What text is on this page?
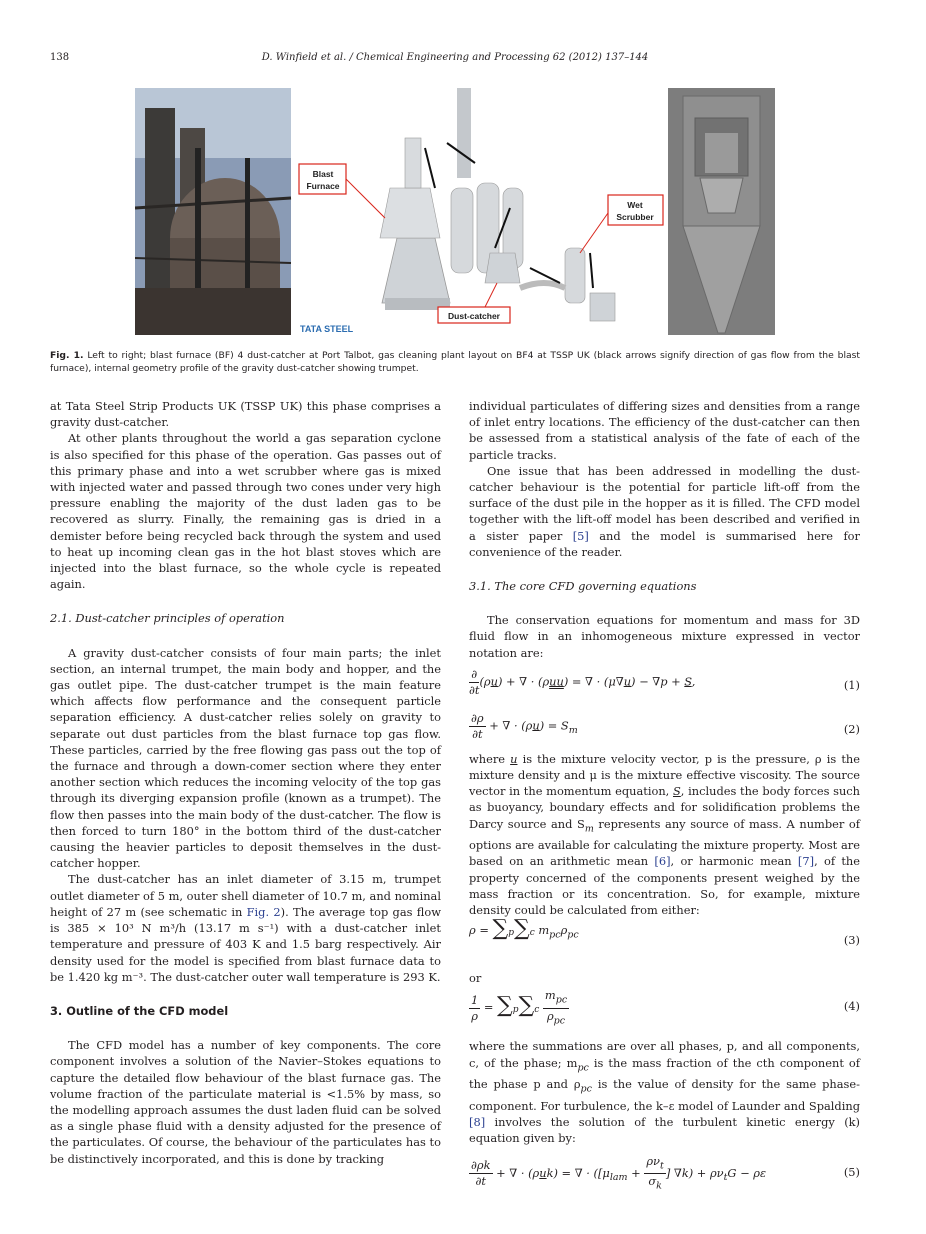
138	D. Winfield et al. / Chemical Engineering and Processing 62 (2012) 137–144
Blast
Furnace
Wet
Scrubber
Dust-catcher
TATA STEEL
Fig. 1. Left to right; blast furnace (BF) 4 dust-catcher at Port Talbot, gas cleaning plant layout on BF4 at TSSP UK (black arrows signify direction of gas flow from the blast furnace), internal geometry profile of the gravity dust-catcher showing trumpet.

at Tata Steel Strip Products UK (TSSP UK) this phase comprises a gravity dust-catcher.

At other plants throughout the world a gas separation cyclone is also specified for this phase of the operation. Gas passes out of this primary phase and into a wet scrubber where gas is mixed with injected water and passed through two cones under very high pressure enabling the majority of the dust laden gas to be recovered as slurry. Finally, the remaining gas is dried in a demister before being recycled back through the system and used to heat up incoming clean gas in the hot blast stoves which are injected into the blast furnace, so the whole cycle is repeated again.

2.1. Dust-catcher principles of operation

A gravity dust-catcher consists of four main parts; the inlet section, an internal trumpet, the main body and hopper, and the gas outlet pipe. The dust-catcher trumpet is the main feature which affects flow performance and the consequent particle separation efficiency. A dust-catcher relies solely on gravity to separate out dust particles from the blast furnace top gas flow. These particles, carried by the free flowing gas pass out the top of the furnace and through a down-comer section where they enter another section which reduces the incoming velocity of the top gas through its diverging expansion profile (known as a trumpet). The flow then passes into the main body of the dust-catcher. The flow is then forced to turn 180° in the bottom third of the dust-catcher causing the heavier particles to deposit themselves in the dust-catcher hopper.

The dust-catcher has an inlet diameter of 3.15 m, trumpet outlet diameter of 5 m, outer shell diameter of 10.7 m, and nominal height of 27 m (see schematic in Fig. 2). The average top gas flow is 385 × 10³ N m³/h (13.17 m s⁻¹) with a dust-catcher inlet temperature and pressure of 403 K and 1.5 barg respectively. Air density used for the model is specified from blast furnace data to be 1.420 kg m⁻³. The dust-catcher outer wall temperature is 293 K.

3. Outline of the CFD model

The CFD model has a number of key components. The core component involves a solution of the Navier–Stokes equations to capture the detailed flow behaviour of the blast furnace gas. The volume fraction of the particulate material is <1.5% by mass, so the modelling approach assumes the dust laden fluid can be solved as a single phase fluid with a density adjusted for the presence of the particulates. Of course, the behaviour of the particulates has to be distinctively incorporated, and this is done by tracking

individual particulates of differing sizes and densities from a range of inlet entry locations. The efficiency of the dust-catcher can then be assessed from a statistical analysis of the fate of each of the particle tracks.

One issue that has been addressed in modelling the dust-catcher behaviour is the potential for particle lift-off from the surface of the dust pile in the hopper as it is filled. The CFD model together with the lift-off model has been described and verified in a sister paper [5] and the model is summarised here for convenience of the reader.

3.1. The core CFD governing equations

The conservation equations for momentum and mass for 3D fluid flow in an inhomogeneous mixture expressed in vector notation are:

$\frac{\partial}{\partial t} (\rho u)$ + ∇ · (ρuu) = ∇ · (μ∇u) − ∇p + S,	(1)
$\frac{\partial\rho}{\partial t}$ + ∇ · $(\rho u) = S_m$	(2)

where u is the mixture velocity vector, p is the pressure, ρ is the mixture density and μ is the mixture effective viscosity. The source vector in the momentum equation, S, includes the body forces such as buoyancy, boundary effects and for solidification problems the Darcy source and $S_m$ represents any source of mass. A number of options are available for calculating the mixture property. Most are based on an arithmetic mean [6], or harmonic mean [7], of the property concerned of the components present weighed by the mass fraction or its concentration. So, for example, mixture density could be calculated from either:

ρ = ∑p∑c $m_{pc}\rho_{pc}$	(3)

or

$\frac{1}{\rho} = \sum p\sum c \frac{m_{pc}}{\rho_{pc}}$	(4)

where the summations are over all phases, p, and all components, c, of the phase; $m_{pc}$ is the mass fraction of the cth component of the phase p and $\rho_{pc}$ is the value of density for the same phase-component. For turbulence, the k–ε model of Launder and Spalding [8] involves the solution of the turbulent kinetic energy (k) equation given by:

$\frac{\partial\rho k}{\partial t}$ + ∇ · (ρuk) = ∇ · ([$\mu_{lam} + \frac{\rho\nu_t}{\sigma_k}$ ] $\nabla k) + \rho\nu_tG - \rho\varepsilon$	(5)
